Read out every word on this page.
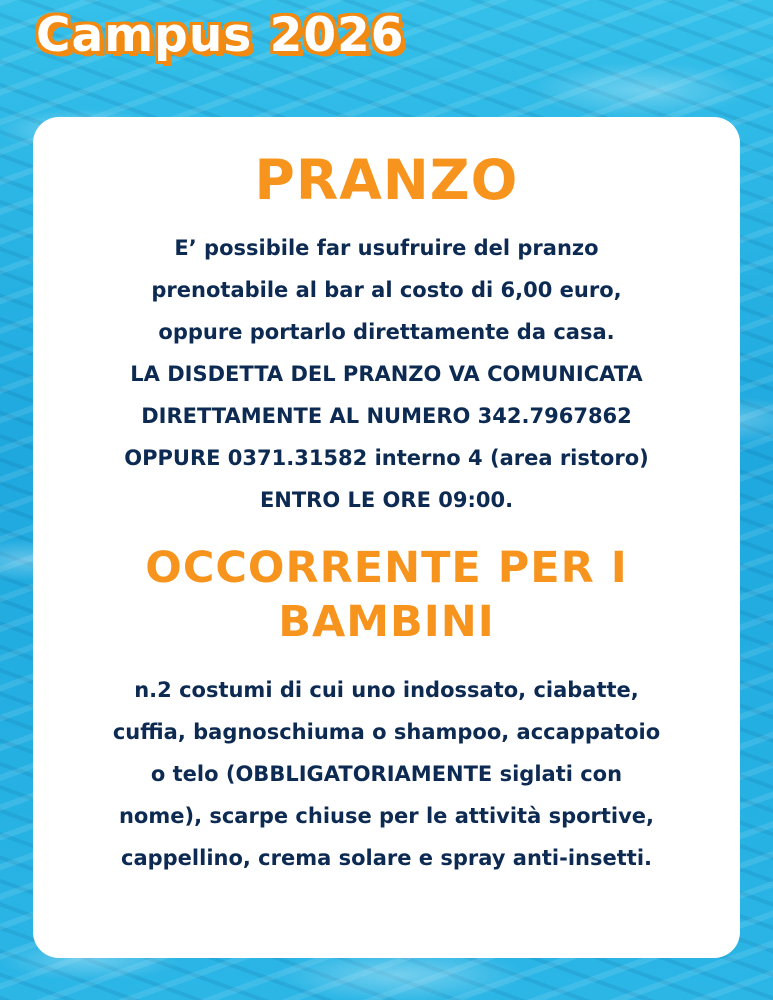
Campus 2026
PRANZO
E’ possibile far usufruire del pranzo
prenotabile al bar al costo di 6,00 euro,
oppure portarlo direttamente da casa.
LA DISDETTA DEL PRANZO VA COMUNICATA
DIRETTAMENTE AL NUMERO 342.7967862
OPPURE 0371.31582 interno 4 (area ristoro)
ENTRO LE ORE 09:00.
OCCORRENTE PER I
BAMBINI
n.2 costumi di cui uno indossato, ciabatte,
cuffia, bagnoschiuma o shampoo, accappatoio
o telo (OBBLIGATORIAMENTE siglati con
nome), scarpe chiuse per le attività sportive,
cappellino, crema solare e spray anti-insetti.
